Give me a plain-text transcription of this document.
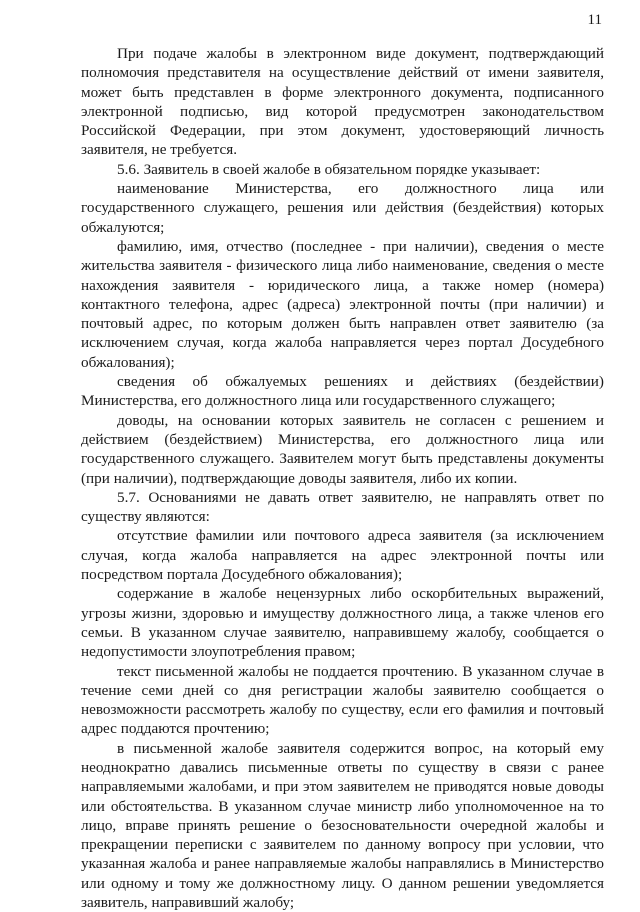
11

При подаче жалобы в электронном виде документ, подтверждающий полномочия представителя на осуществление действий от имени заявителя, может быть представлен в форме электронного документа, подписанного электронной подписью, вид которой предусмотрен законодательством Российской Федерации, при этом документ, удостоверяющий личность заявителя, не требуется.

5.6. Заявитель в своей жалобе в обязательном порядке указывает:

наименование Министерства, его должностного лица или государственного служащего, решения или действия (бездействия) которых обжалуются;

фамилию, имя, отчество (последнее - при наличии), сведения о месте жительства заявителя - физического лица либо наименование, сведения о месте нахождения заявителя - юридического лица, а также номер (номера) контактного телефона, адрес (адреса) электронной почты (при наличии) и почтовый адрес, по которым должен быть направлен ответ заявителю (за исключением случая, когда жалоба направляется через портал Досудебного обжалования);

сведения об обжалуемых решениях и действиях (бездействии) Министерства, его должностного лица или государственного служащего;

доводы, на основании которых заявитель не согласен с решением и действием (бездействием) Министерства, его должностного лица или государственного служащего. Заявителем могут быть представлены документы (при наличии), подтверждающие доводы заявителя, либо их копии.

5.7. Основаниями не давать ответ заявителю, не направлять ответ по существу являются:

отсутствие фамилии или почтового адреса заявителя (за исключением случая, когда жалоба направляется на адрес электронной почты или посредством портала Досудебного обжалования);

содержание в жалобе нецензурных либо оскорбительных выражений, угрозы жизни, здоровью и имуществу должностного лица, а также членов его семьи. В указанном случае заявителю, направившему жалобу, сообщается о недопустимости злоупотребления правом;

текст письменной жалобы не поддается прочтению. В указанном случае в течение семи дней со дня регистрации жалобы заявителю сообщается о невозможности рассмотреть жалобу по существу, если его фамилия и почтовый адрес поддаются прочтению;

в письменной жалобе заявителя содержится вопрос, на который ему неоднократно давались письменные ответы по существу в связи с ранее направляемыми жалобами, и при этом заявителем не приводятся новые доводы или обстоятельства. В указанном случае министр либо уполномоченное на то лицо, вправе принять решение о безосновательности очередной жалобы и прекращении переписки с заявителем по данному вопросу при условии, что указанная жалоба и ранее направляемые жалобы направлялись в Министерство или одному и тому же должностному лицу. О данном решении уведомляется заявитель, направивший жалобу;
